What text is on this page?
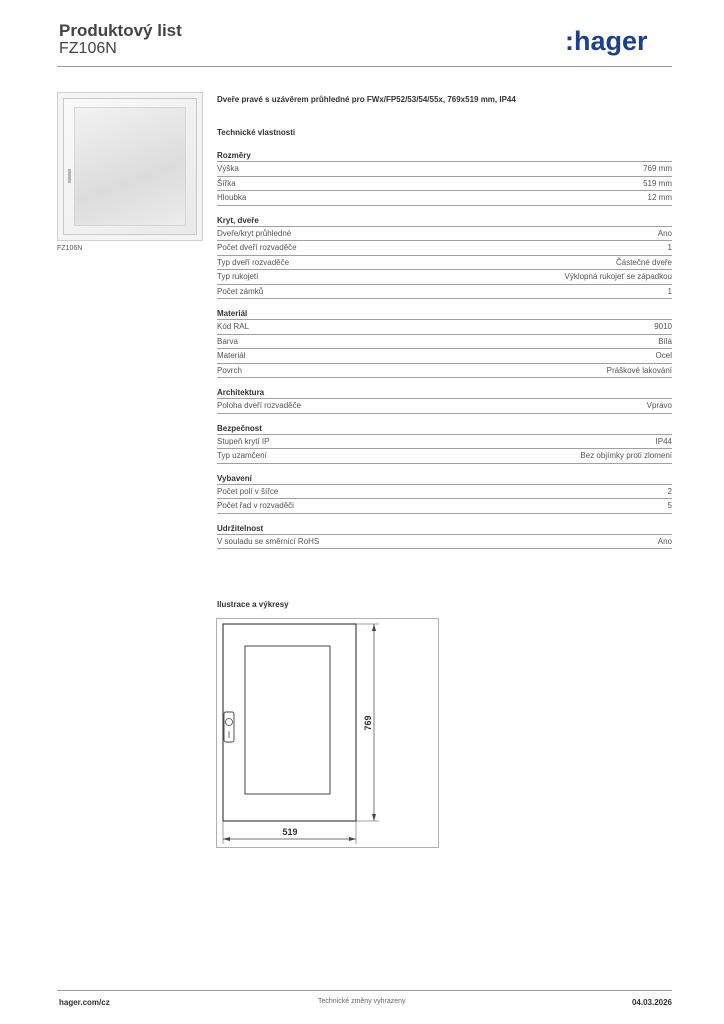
Produktový list
FZ106N	:hager
FZ106N
Dveře pravé s uzávěrem průhledné pro FWx/FP52/53/54/55x, 769x519 mm, IP44
Technické vlastnosti
Rozměry
Výška	769 mm
Šířka	519 mm
Hloubka	12 mm
Kryt, dveře
Dveře/kryt průhledné	Ano
Počet dveří rozvaděče	1
Typ dveří rozvaděče	Částečné dveře
Typ rukojetí	Výklopná rukojeť se západkou
Počet zámků	1
Materiál
Kód RAL	9010
Barva	Bílá
Materiál	Ocel
Povrch	Práškové lakování
Architektura
Poloha dveří rozvaděče	Vpravo
Bezpečnost
Stupeň krytí IP	IP44
Typ uzamčení	Bez objímky proti zlomení
Vybavení
Počet polí v šířce	2
Počet řad v rozvaděči	5
Udržitelnost
V souladu se směrnicí RoHS	Ano
Ilustrace a výkresy
769
519
hager.com/cz	Technické změny vyhrazeny	04.03.2026
